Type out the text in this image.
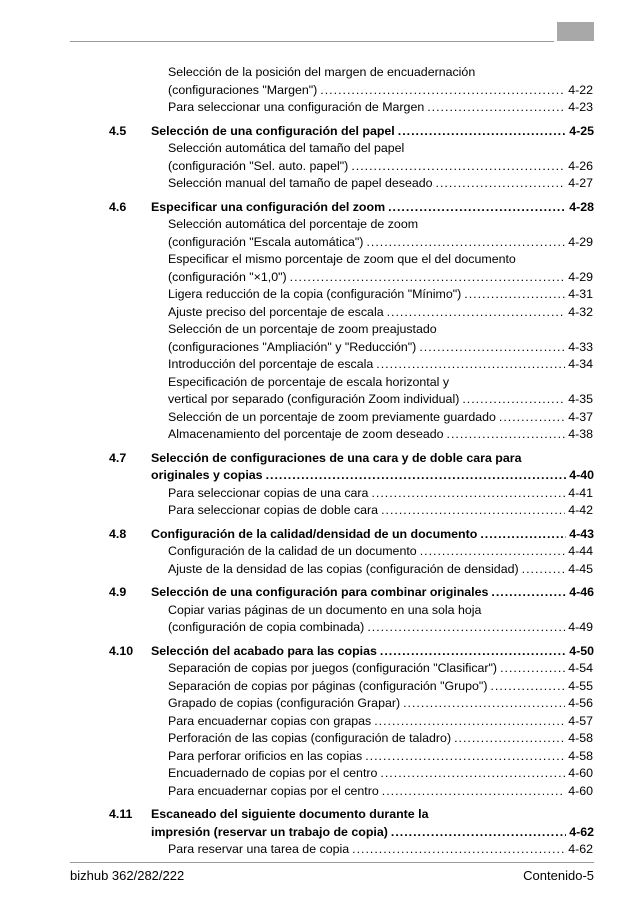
Selección de la posición del margen de encuadernación
(configuraciones "Margen") .....	4-22
Para seleccionar una configuración de Margen .....	4-23
4.5 Selección de una configuración del papel .....	4-25
Selección automática del tamaño del papel
(configuración "Sel. auto. papel") .....	4-26
Selección manual del tamaño de papel deseado .....	4-27
4.6 Especificar una configuración del zoom .....	4-28
Selección automática del porcentaje de zoom
(configuración "Escala automática") .....	4-29
Especificar el mismo porcentaje de zoom que el del documento
(configuración "×1,0") .....	4-29
Ligera reducción de la copia (configuración "Mínimo") .....	4-31
Ajuste preciso del porcentaje de escala .....	4-32
Selección de un porcentaje de zoom preajustado
(configuraciones "Ampliación" y "Reducción") .....	4-33
Introducción del porcentaje de escala .....	4-34
Especificación de porcentaje de escala horizontal y
vertical por separado (configuración Zoom individual) .....	4-35
Selección de un porcentaje de zoom previamente guardado .....	4-37
Almacenamiento del porcentaje de zoom deseado .....	4-38
4.7 Selección de configuraciones de una cara y de doble cara para
originales y copias .....	4-40
Para seleccionar copias de una cara .....	4-41
Para seleccionar copias de doble cara .....	4-42
4.8 Configuración de la calidad/densidad de un documento .....	4-43
Configuración de la calidad de un documento .....	4-44
Ajuste de la densidad de las copias (configuración de densidad) .....	4-45
4.9 Selección de una configuración para combinar originales .....	4-46
Copiar varias páginas de un documento en una sola hoja
(configuración de copia combinada) .....	4-49
4.10 Selección del acabado para las copias .....	4-50
Separación de copias por juegos (configuración "Clasificar") .....	4-54
Separación de copias por páginas (configuración "Grupo") .....	4-55
Grapado de copias (configuración Grapar) .....	4-56
Para encuadernar copias con grapas .....	4-57
Perforación de las copias (configuración de taladro) .....	4-58
Para perforar orificios en las copias .....	4-58
Encuadernado de copias por el centro .....	4-60
Para encuadernar copias por el centro .....	4-60
4.11 Escaneado del siguiente documento durante la
impresión (reservar un trabajo de copia) .....	4-62
Para reservar una tarea de copia .....	4-62
bizhub 362/282/222	Contenido-5
